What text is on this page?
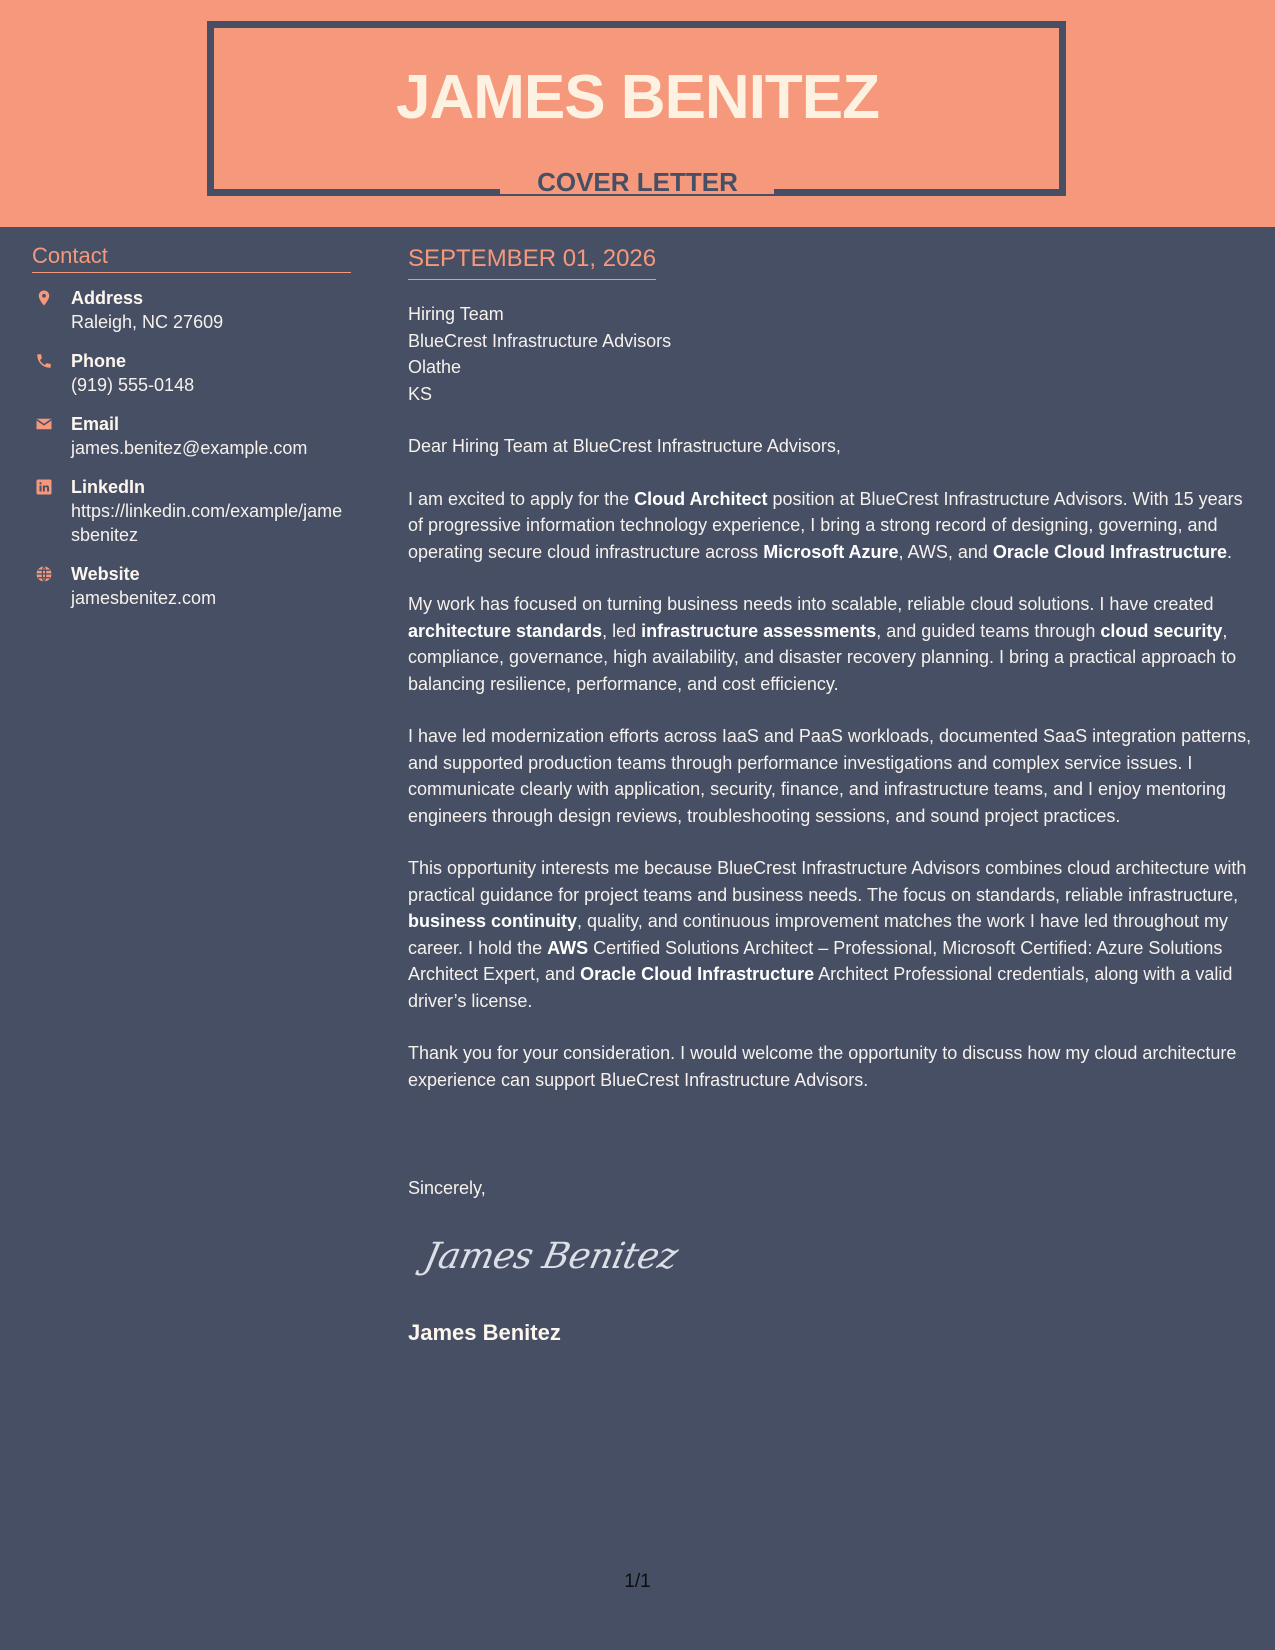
JAMES BENITEZ
COVER LETTER
Contact
Address
Raleigh, NC 27609
Phone
(919) 555-0148
Email
james.benitez@example.com
LinkedIn
https://linkedin.com/example/jamesbenitez
Website
jamesbenitez.com
SEPTEMBER 01, 2026
Hiring Team
BlueCrest Infrastructure Advisors
Olathe
KS

Dear Hiring Team at BlueCrest Infrastructure Advisors,

I am excited to apply for the Cloud Architect position at BlueCrest Infrastructure Advisors. With 15 years of progressive information technology experience, I bring a strong record of designing, governing, and operating secure cloud infrastructure across Microsoft Azure, AWS, and Oracle Cloud Infrastructure.

My work has focused on turning business needs into scalable, reliable cloud solutions. I have created architecture standards, led infrastructure assessments, and guided teams through cloud security, compliance, governance, high availability, and disaster recovery planning. I bring a practical approach to balancing resilience, performance, and cost efficiency.

I have led modernization efforts across IaaS and PaaS workloads, documented SaaS integration patterns, and supported production teams through performance investigations and complex service issues. I communicate clearly with application, security, finance, and infrastructure teams, and I enjoy mentoring engineers through design reviews, troubleshooting sessions, and sound project practices.

This opportunity interests me because BlueCrest Infrastructure Advisors combines cloud architecture with practical guidance for project teams and business needs. The focus on standards, reliable infrastructure, business continuity, quality, and continuous improvement matches the work I have led throughout my career. I hold the AWS Certified Solutions Architect – Professional, Microsoft Certified: Azure Solutions Architect Expert, and Oracle Cloud Infrastructure Architect Professional credentials, along with a valid driver’s license.

Thank you for your consideration. I would welcome the opportunity to discuss how my cloud architecture experience can support BlueCrest Infrastructure Advisors.

Sincerely,
James Benitez
James Benitez
1/1
